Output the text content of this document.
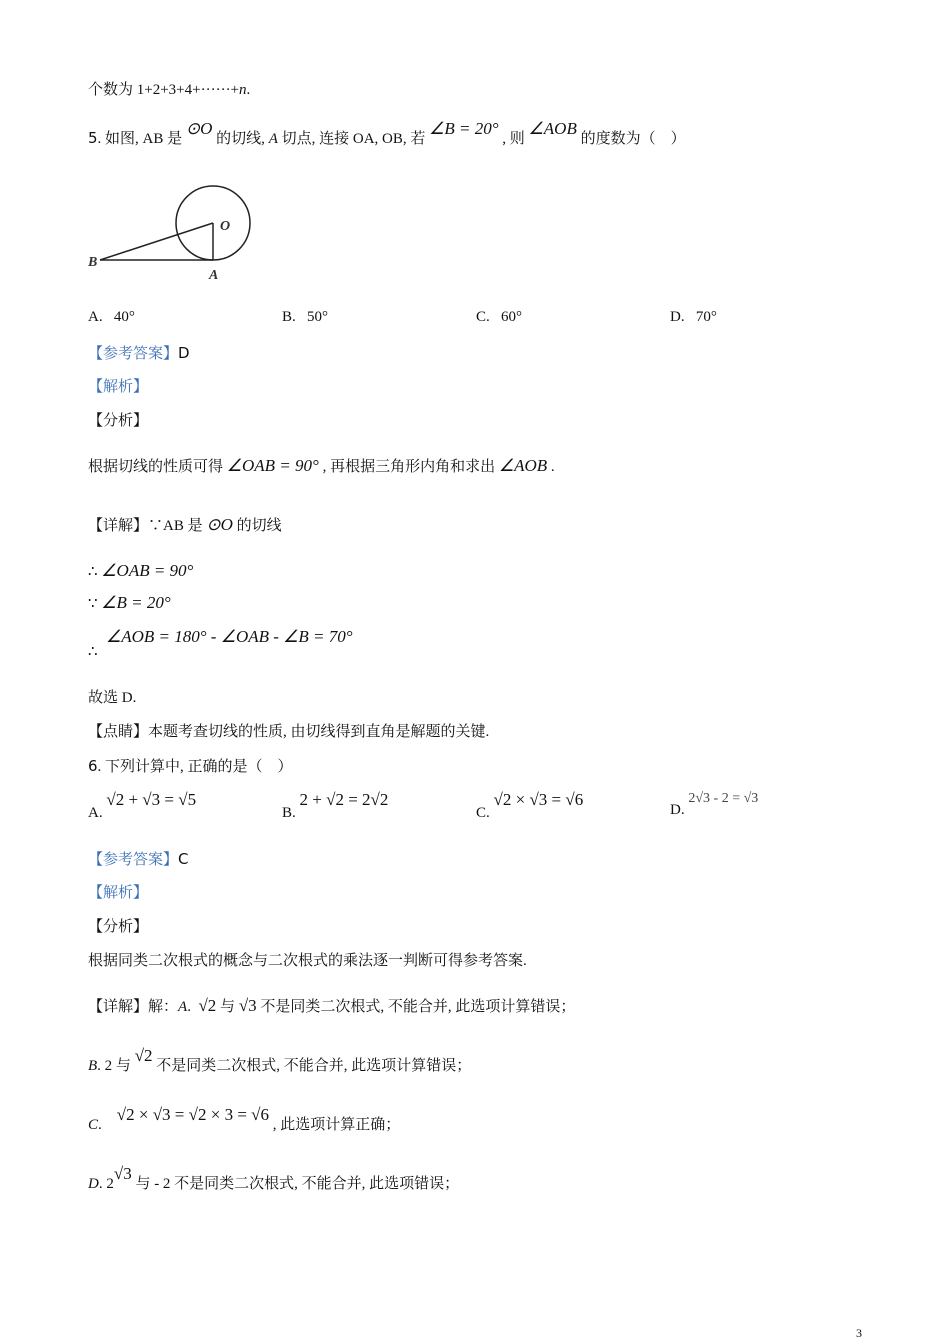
个数为 1+2+3+4+······+n.
5. 如图, AB 是 ⊙O 的切线, A 切点, 连接 OA, OB, 若 ∠B = 20° , 则 ∠AOB 的度数为（　）
B
O
A
A. 40°	B. 50°	C. 60°	D. 70°
【参考答案】D
【解析】
【分析】
根据切线的性质可得 ∠OAB = 90° , 再根据三角形内角和求出 ∠AOB .
【详解】∵AB 是 ⊙O 的切线
∴ ∠OAB = 90°
∵ ∠B = 20°
∠AOB = 180° - ∠OAB - ∠B = 70°
∴
故选 D.
【点睛】本题考查切线的性质, 由切线得到直角是解题的关键.
6. 下列计算中, 正确的是（　）
A. √2 + √3 = √5
B. 2 + √2 = 2√2
C. √2 × √3 = √6
D. 2√3 - 2 = √3
【参考答案】C
【解析】
【分析】
根据同类二次根式的概念与二次根式的乘法逐一判断可得参考答案.
【详解】解：A.  √2 与 √3 不是同类二次根式, 不能合并, 此选项计算错误；
B. 2 与 √2 不是同类二次根式, 不能合并, 此选项计算错误；
C.    √2 × √3 = √2 × 3 = √6 , 此选项计算正确；
D. 2√3 与 - 2 不是同类二次根式, 不能合并, 此选项错误；
3
